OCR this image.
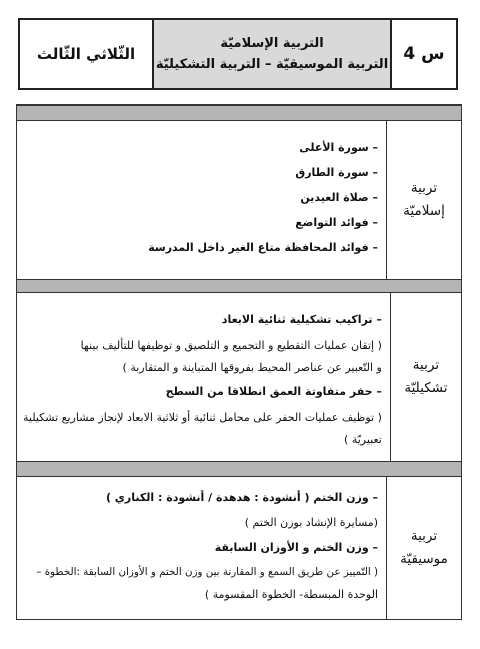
س 4
التربية الإسلاميّة
التربية الموسيقيّة – التربية التشكيليّة
الثّلاثي الثّالث
تربية
إسلاميّة
– سورة الأعلى
– سورة الطارق
– صلاة العيدين
– فوائد التواضع
– فوائد المحافظة متاع الغير داخل المدرسة
تربية
تشكيليّة
– تراكيب تشكيلية ثنائية الابعاد
( إتقان عمليات التقطيع و التجميع و التلصيق و توظيفها للتأليف بينها
و التّعبير عن عناصر المحيط بفروقها المتباينة و المتقاربة )
– حفر متفاوتة العمق انطلاقا من السطح
( توظيف عمليات الحفر على محامل ثنائية أو ثلاثية الابعاد لإنجاز مشاريع تشكيلية
تعبيريّة )
تربية
موسيقيّة
– وزن الختم ( أنشودة : هدهدة / أنشودة : الكناري )
(مسايرة الإنشاد بوزن الختم )
– وزن الختم و الأوزان السابقة
( التّمييز عن طريق السمع و المقارنة بين وزن الختم و الأوزان السابقة :الخطوة –
الوحدة المبسطة- الخطوة المقسومة )
